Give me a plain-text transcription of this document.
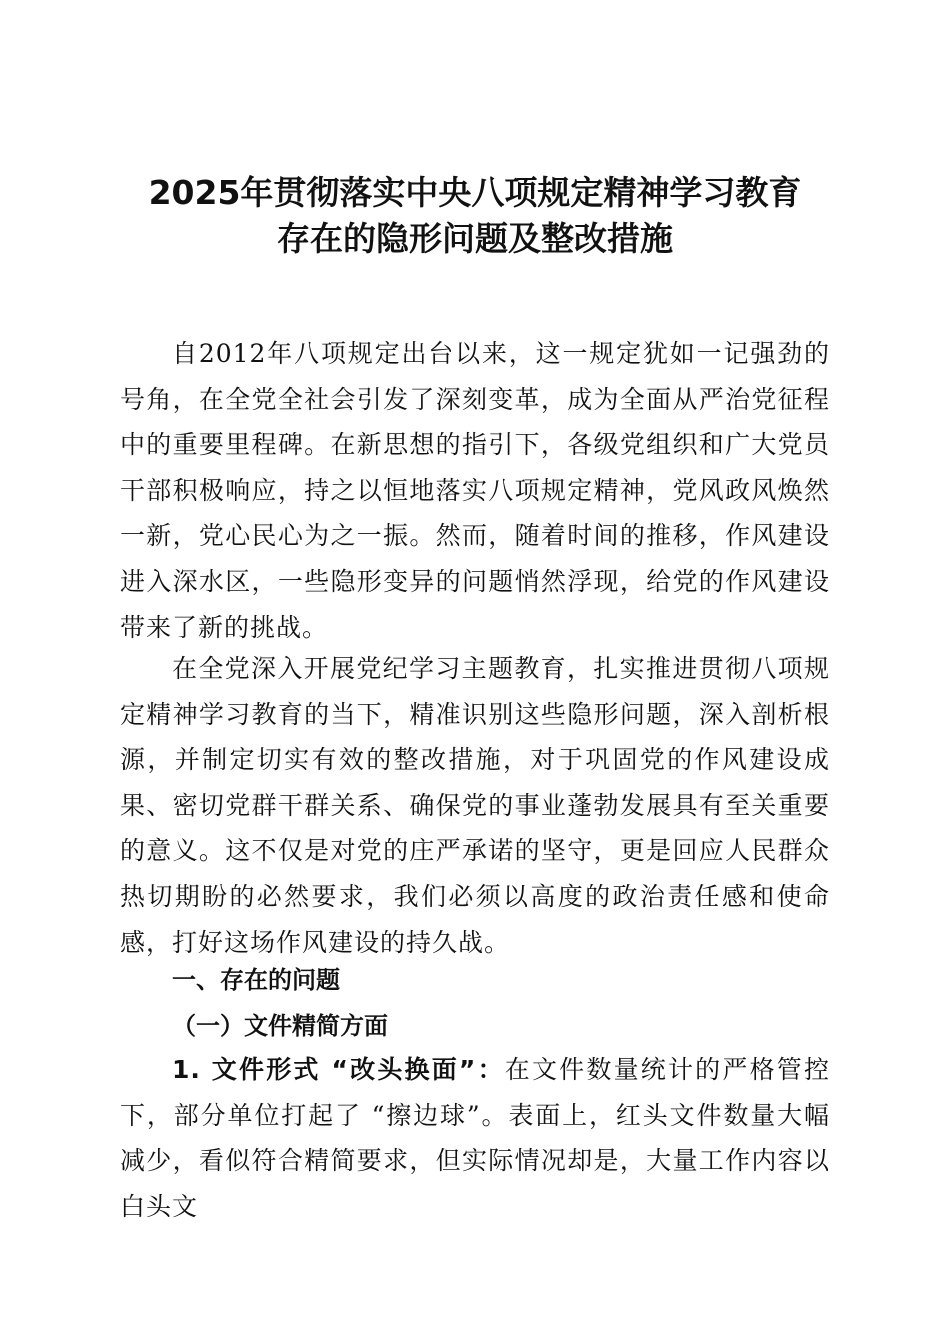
2025年贯彻落实中央八项规定精神学习教育
存在的隐形问题及整改措施

自2012年八项规定出台以来，这一规定犹如一记强劲的号角，在全党全社会引发了深刻变革，成为全面从严治党征程中的重要里程碑。在新思想的指引下，各级党组织和广大党员干部积极响应，持之以恒地落实八项规定精神，党风政风焕然一新，党心民心为之一振。然而，随着时间的推移，作风建设进入深水区，一些隐形变异的问题悄然浮现，给党的作风建设带来了新的挑战。

在全党深入开展党纪学习主题教育，扎实推进贯彻八项规定精神学习教育的当下，精准识别这些隐形问题，深入剖析根源，并制定切实有效的整改措施，对于巩固党的作风建设成果、密切党群干群关系、确保党的事业蓬勃发展具有至关重要的意义。这不仅是对党的庄严承诺的坚守，更是回应人民群众热切期盼的必然要求，我们必须以高度的政治责任感和使命感，打好这场作风建设的持久战。

一、存在的问题
（一）文件精简方面

1. 文件形式 “改头换面”：在文件数量统计的严格管控下，部分单位打起了 “擦边球”。表面上，红头文件数量大幅减少，看似符合精简要求，但实际情况却是，大量工作内容以白头文
